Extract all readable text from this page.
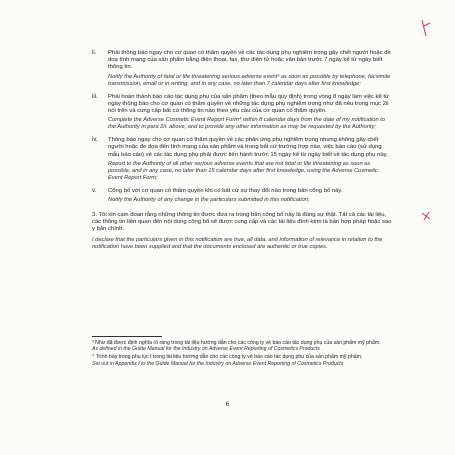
ii. Phải thông báo ngay cho cơ quan có thẩm quyền về các tác dụng phụ nghiêm trọng gây chết người hoặc đe doạ tính mạng của sản phẩm bằng điện thoại, fax, thư điện tử hoặc văn bản trước 7 ngày kể từ ngày biết thông tin.

Notify the Authority of fatal or life threatening serious adverse event³ as soon as possible by telephone, facsimile transmission, email or in writing, and in any case, no later than 7 calendar days after first knowledge;

iii. Phải hoàn thành báo cáo tác dụng phụ của sản phẩm (theo mẫu quy định) trong vòng 8 ngày làm việc kể từ ngày thông báo cho cơ quan có thẩm quyền về những tác dụng phụ nghiêm trọng như đã nêu trong mục 2ii nói trên và cung cấp bất cứ thông tin nào theo yêu cầu của cơ quan có thẩm quyền.

Complete the Adverse Cosmetic Event Report Form⁴ within 8 calendar days from the date of my notification to the Authority in para 2ii. above, and to provide any other information as may be requested by the Authority;

iv. Thông báo ngay cho cơ quan có thẩm quyền về các phản ứng phụ nghiêm trọng nhưng không gây chết người hoặc đe dọa đến tính mạng của sản phẩm và trong bất cứ trường hợp nào, việc báo cáo (sử dụng mẫu báo cáo) về các tác dụng phụ phải được tiến hành trước 15 ngày kể từ ngày biết về tác dụng phụ này.

Report to the Authority of all other serious adverse events that are not fatal or life threatening as soon as possible, and in any case, no later than 15 calendar days after first knowledge, using the Adverse Cosmetic Event Report Form;

v. Công bố với cơ quan có thẩm quyền khi có bất cứ sự thay đổi nào trong bản công bố này.

Notify the Authority of any change in the particulars submitted in this notification;

3. Tôi xin cam đoan rằng những thông tin được đưa ra trong bản công bố này là đúng sự thật. Tất cả các tài liệu, các thông tin liên quan đến nội dung công bố sẽ được cung cấp và các tài liệu đính kèm là bản hợp pháp hoặc sao y bản chính.

I declare that the particulars given in this notification are true, all data, and information of relevance in relation to the notification have been supplied and that the documents enclosed are authentic or true copies.

³ Như đã được định nghĩa rõ ràng trong tài liệu hướng dẫn cho các công ty về báo cáo tác dụng phụ của sản phẩm mỹ phẩm.

As defined in the Guide Manual for the Industry on Adverse Event Reporting of Cosmetics Products

⁴ Trình bày trong phụ lục I trong tài liệu hướng dẫn cho các công ty về báo cáo tác dụng phụ của sản phẩm mỹ phẩm.

Set out in Appendix I to the Guide Manual for the Industry on Adverse Event Reporting of Cosmetics Products

6
